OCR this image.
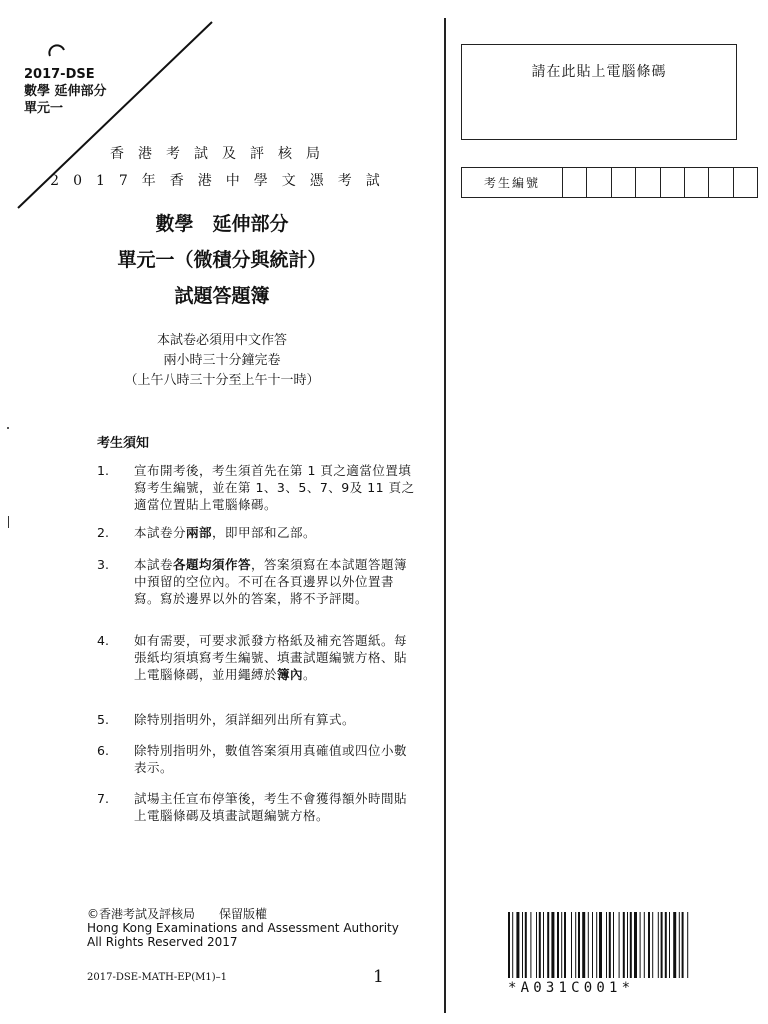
2017-DSE
數學 延伸部分
單元一
請在此貼上電腦條碼
考生編號
香港考試及評核局
2017年香港中學文憑考試
數學　延伸部分
單元一（微積分與統計）
試題答題簿
本試卷必須用中文作答
兩小時三十分鐘完卷
（上午八時三十分至上午十一時）
考生須知
1. 宣布開考後，考生須首先在第 1 頁之適當位置填寫考生編號，並在第 1、3、5、7、9及 11 頁之適當位置貼上電腦條碼。
2. 本試卷分兩部，即甲部和乙部。
3. 本試卷各題均須作答，答案須寫在本試題答題簿中預留的空位內。不可在各頁邊界以外位置書寫。寫於邊界以外的答案，將不予評閱。
4. 如有需要，可要求派發方格紙及補充答題紙。每張紙均須填寫考生編號、填畫試題編號方格、貼上電腦條碼，並用繩縛於簿內。
5. 除特別指明外，須詳細列出所有算式。
6. 除特別指明外，數值答案須用真確值或四位小數表示。
7. 試場主任宣布停筆後，考生不會獲得額外時間貼上電腦條碼及填畫試題編號方格。
©香港考試及評核局　　保留版權
Hong Kong Examinations and Assessment Authority
All Rights Reserved 2017
2017-DSE-MATH-EP(M1)–1	1
*A031C001*
